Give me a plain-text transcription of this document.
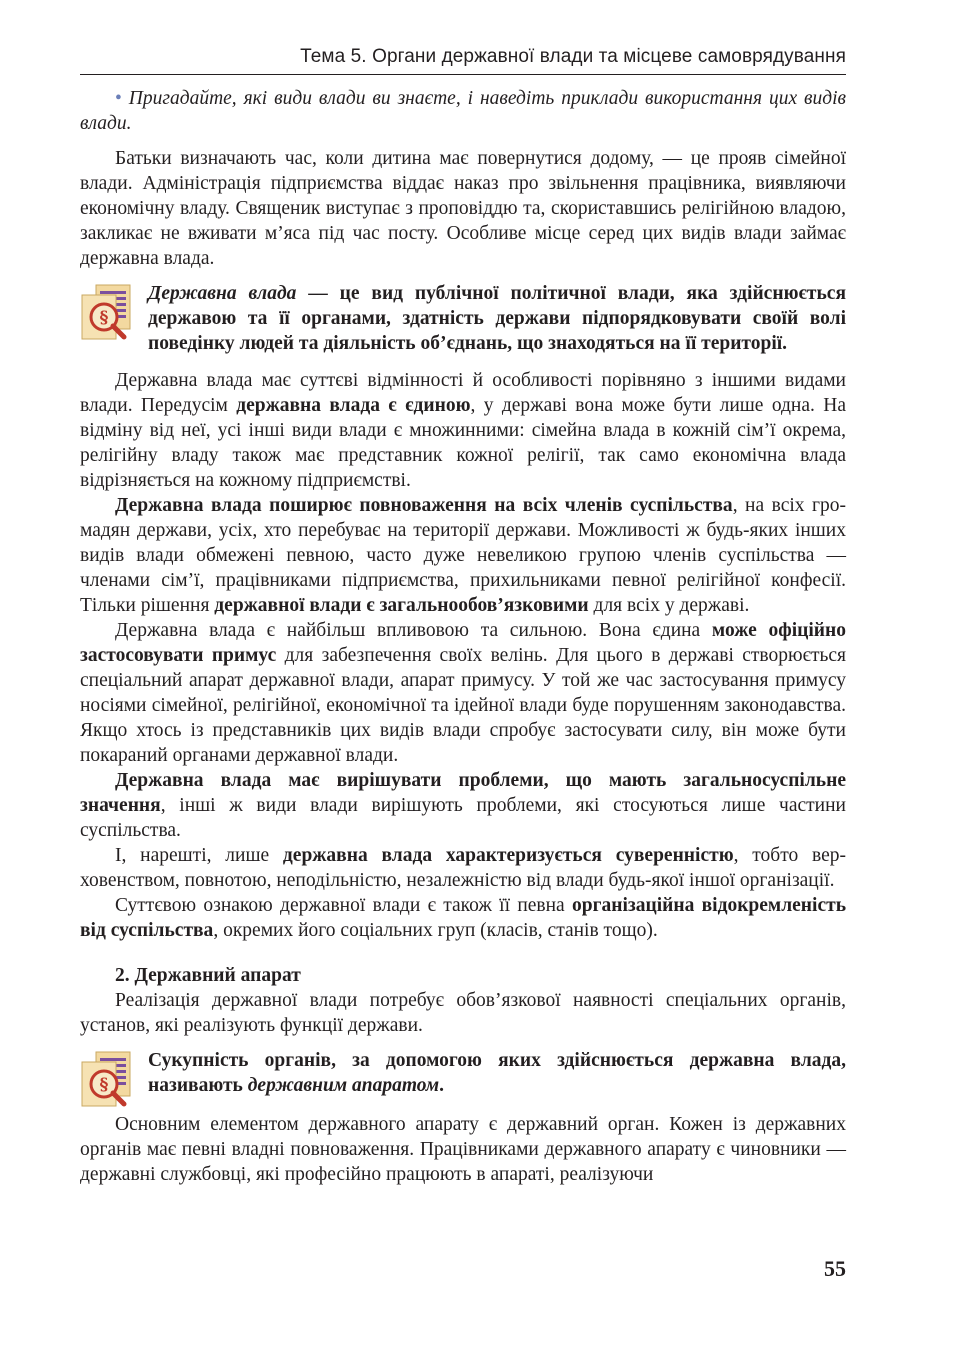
Тема 5. Органи державної влади та місцеве самоврядування

• Пригадайте, які види влади ви знаєте, і наведіть приклади використання цих видів влади.

Батьки визначають час, коли дитина має повернутися додому, — це прояв сімейної влади. Адміністрація підприємства віддає наказ про звільнення працівника, виявляючи економічну владу. Священик виступає з проповіддю та, скориставшись релігійною владою, закликає не вживати м’яса під час посту. Особливе місце серед цих видів влади займає державна влада.

§
Державна влада — це вид публічної політичної влади, яка здійснюється державою та її органами, здатність держави підпорядковувати своїй волі поведінку людей та діяльність об’єднань, що знаходяться на її території.

Державна влада має суттєві відмінності й особливості порівняно з іншими видами влади. Передусім державна влада є єдиною, у державі вона може бути лише одна. На відміну від неї, усі інші види влади є множинними: сімейна влада в кожній сім’ї окрема, релігійну владу також має представник кожної релігії, так само економічна влада відрізняється на кожному підприємстві.

Державна влада поширює повноваження на всіх членів суспільства, на всіх громадян держави, усіх, хто перебуває на території держави. Можливості ж будь-яких інших видів влади обмежені певною, часто дуже невеликою групою членів суспільства — членами сім’ї, працівниками підприємства, прихильниками певної релігійної конфесії. Тільки рішення державної влади є загальнообов’язковими для всіх у державі.

Державна влада є найбільш впливовою та сильною. Вона єдина може офіційно застосовувати примус для забезпечення своїх велінь. Для цього в державі створюється спеціальний апарат державної влади, апарат примусу. У той же час застосування примусу носіями сімейної, релігійної, економічної та ідейної влади буде порушенням законодавства. Якщо хтось із представників цих видів влади спробує застосувати силу, він може бути покараний органами державної влади.

Державна влада має вирішувати проблеми, що мають загальносуспільне значення, інші ж види влади вирішують проблеми, які стосуються лише частини суспільства.

І, нарешті, лише державна влада характеризується суверенністю, тобто верховенством, повнотою, неподільністю, незалежністю від влади будь-якої іншої організації.

Суттєвою ознакою державної влади є також її певна організаційна відокремленість від суспільства, окремих його соціальних груп (класів, станів тощо).

2. Державний апарат

Реалізація державної влади потребує обов’язкової наявності спеціальних органів, установ, які реалізують функції держави.

§
Сукупність органів, за допомогою яких здійснюється державна влада, називають державним апаратом.

Основним елементом державного апарату є державний орган. Кожен із державних органів має певні владні повноваження. Працівниками державного апарату є чиновники — державні службовці, які професійно працюють в апараті, реалізуючи

55
